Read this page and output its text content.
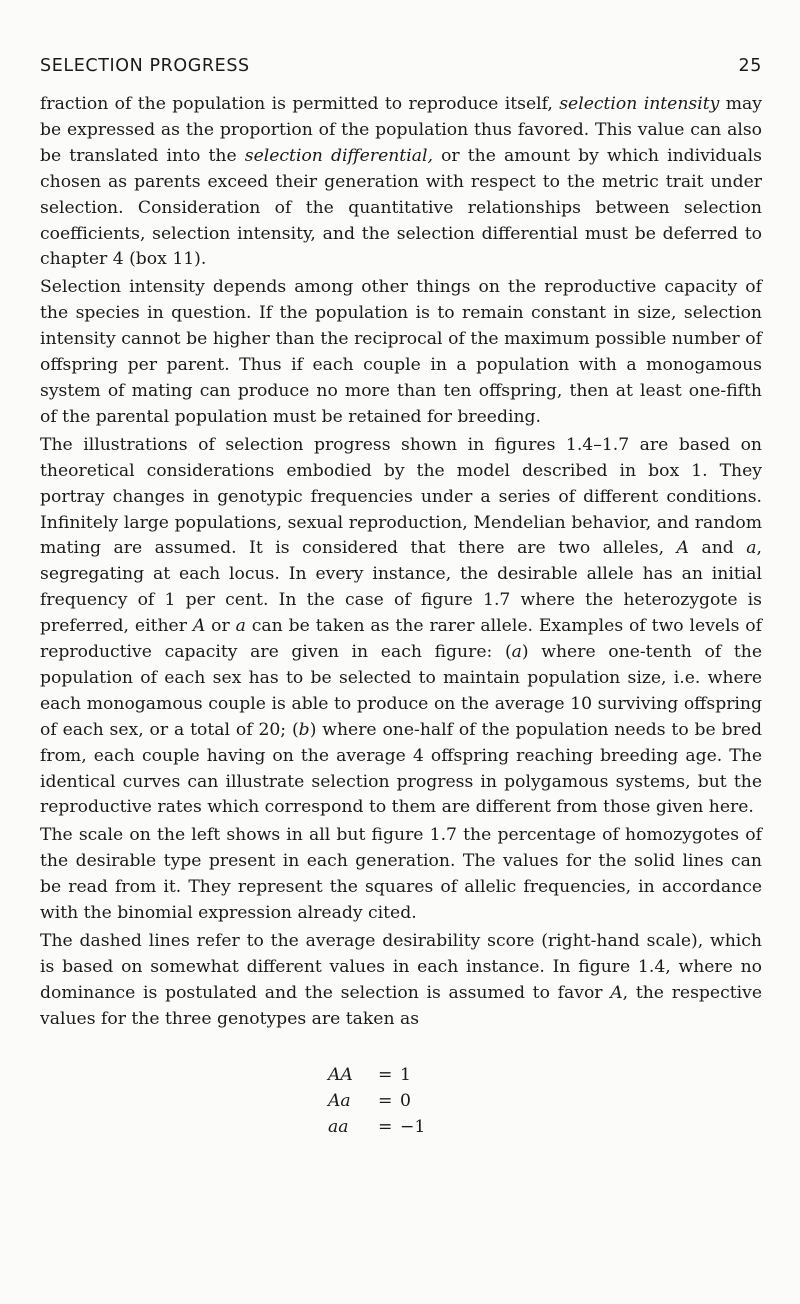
SELECTION PROGRESS	25

fraction of the population is permitted to reproduce itself, selection intensity may be expressed as the proportion of the population thus favored. This value can also be translated into the selection differential, or the amount by which individuals chosen as parents exceed their generation with respect to the metric trait under selection. Consideration of the quantitative relationships between selection coefficients, selection intensity, and the selection differential must be deferred to chapter 4 (box 11).

Selection intensity depends among other things on the reproductive capacity of the species in question. If the population is to remain constant in size, selection intensity cannot be higher than the reciprocal of the maximum possible number of offspring per parent. Thus if each couple in a population with a monogamous system of mating can produce no more than ten offspring, then at least one-fifth of the parental population must be retained for breeding.

The illustrations of selection progress shown in figures 1.4–1.7 are based on theoretical considerations embodied by the model described in box 1. They portray changes in genotypic frequencies under a series of different conditions. Infinitely large populations, sexual reproduction, Mendelian behavior, and random mating are assumed. It is considered that there are two alleles, A and a, segregating at each locus. In every instance, the desirable allele has an initial frequency of 1 per cent. In the case of figure 1.7 where the heterozygote is preferred, either A or a can be taken as the rarer allele. Examples of two levels of reproductive capacity are given in each figure: (a) where one-tenth of the population of each sex has to be selected to maintain population size, i.e. where each monogamous couple is able to produce on the average 10 surviving offspring of each sex, or a total of 20; (b) where one-half of the population needs to be bred from, each couple having on the average 4 offspring reaching breeding age. The identical curves can illustrate selection progress in polygamous systems, but the reproductive rates which correspond to them are different from those given here.

The scale on the left shows in all but figure 1.7 the percentage of homozygotes of the desirable type present in each generation. The values for the solid lines can be read from it. They represent the squares of allelic frequencies, in accordance with the binomial expression already cited.

The dashed lines refer to the average desirability score (right-hand scale), which is based on somewhat different values in each instance. In figure 1.4, where no dominance is postulated and the selection is assumed to favor A, the respective values for the three genotypes are taken as

AA	= 1
Aa	= 0
aa	= −1
